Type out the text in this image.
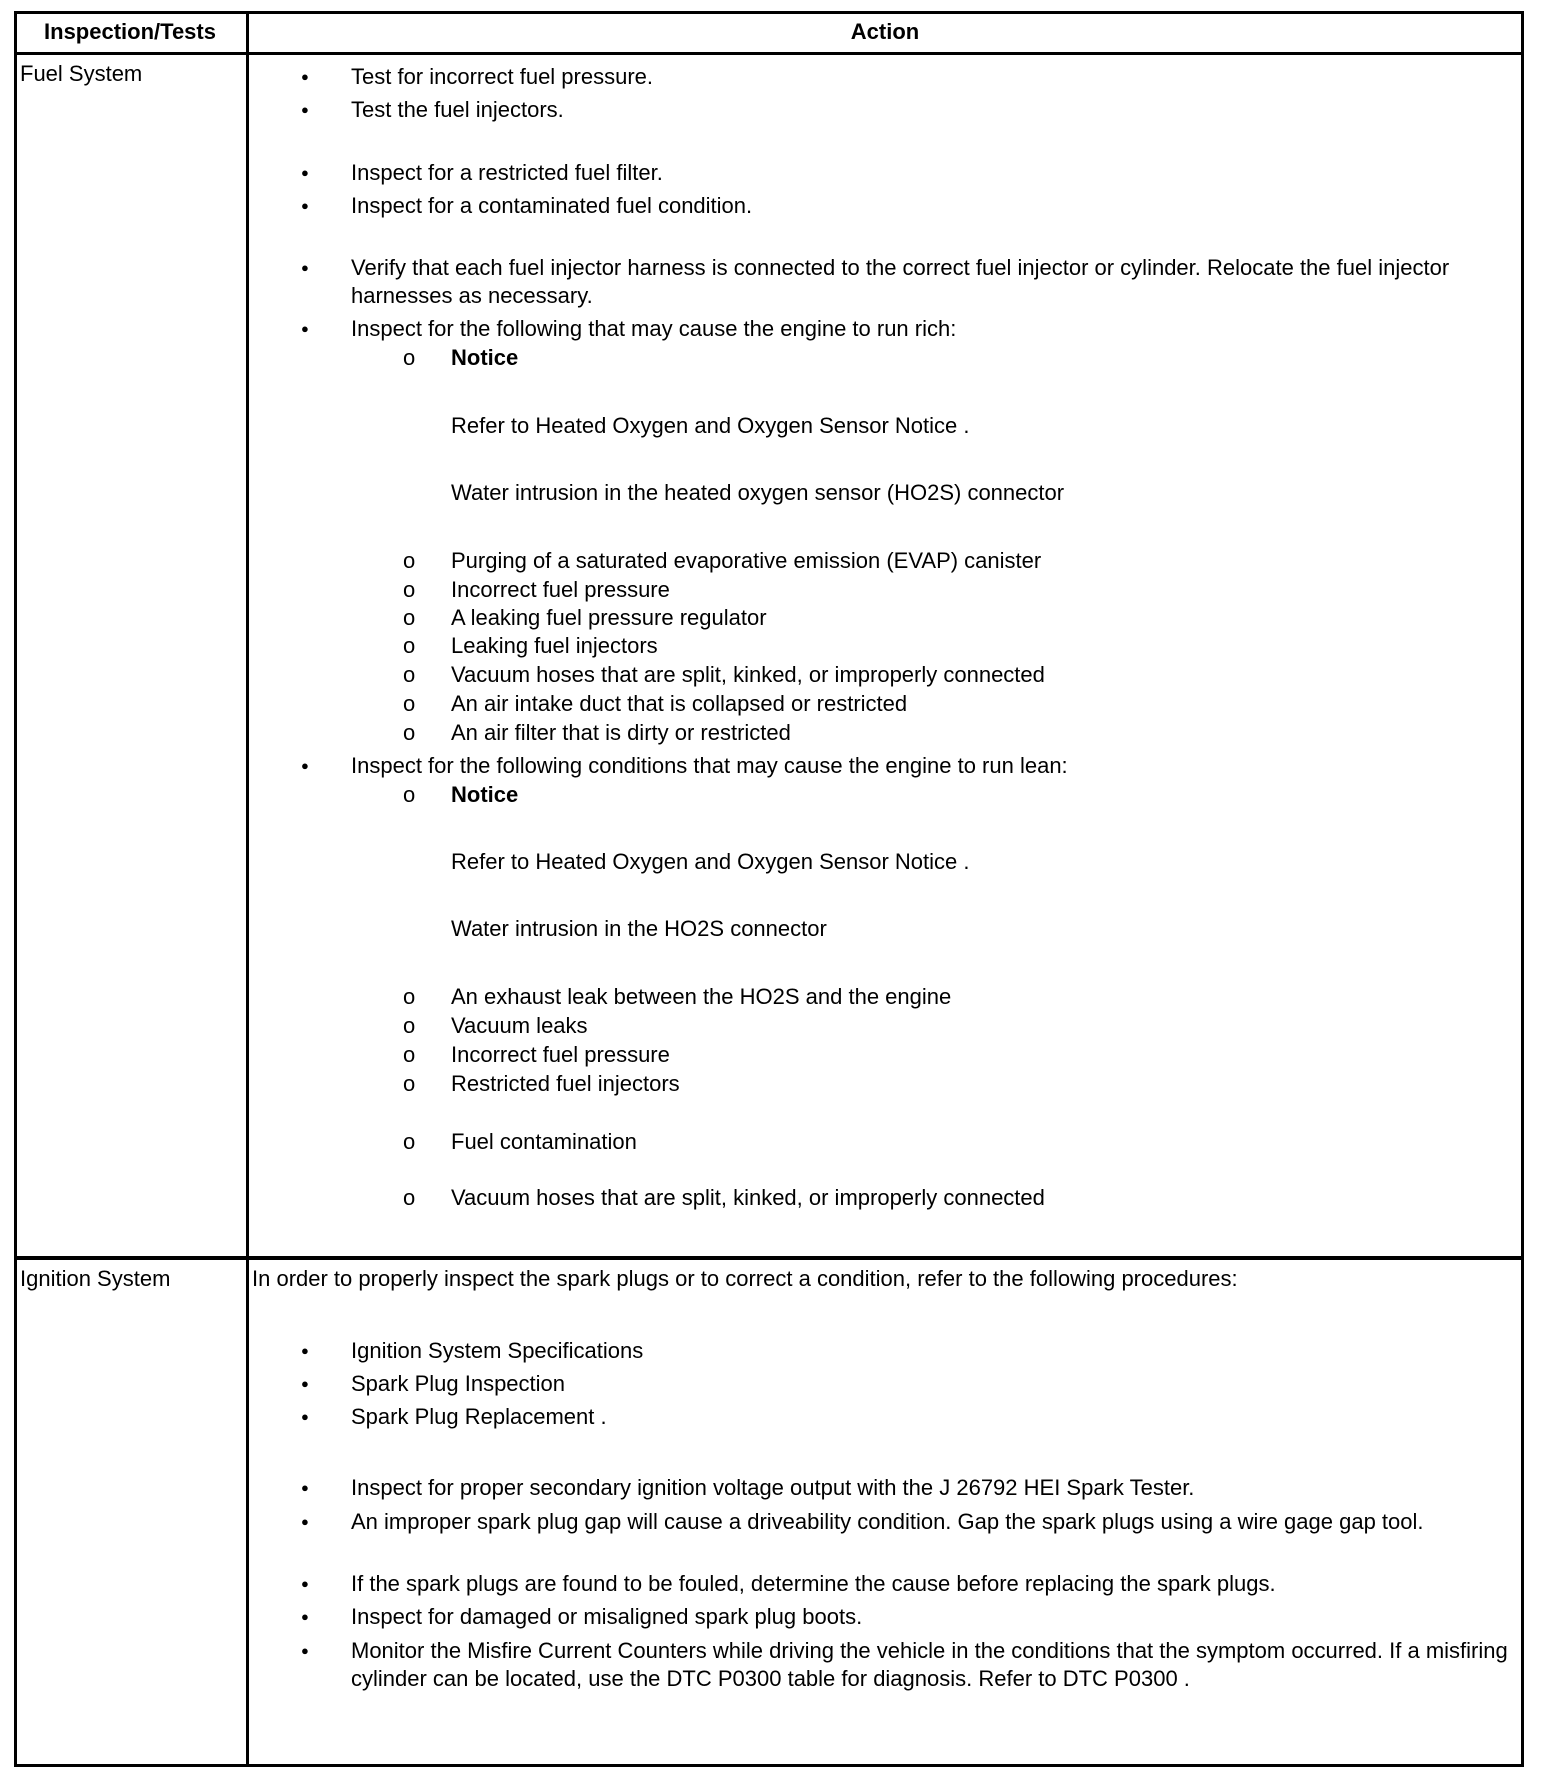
Inspection/Tests	Action
Fuel System	● Test for incorrect fuel pressure.
● Test the fuel injectors.
● Inspect for a restricted fuel filter.
● Inspect for a contaminated fuel condition.
● Verify that each fuel injector harness is connected to the correct fuel injector or cylinder. Relocate the fuel injector harnesses as necessary.
● Inspect for the following that may cause the engine to run rich:
o Notice
Refer to Heated Oxygen and Oxygen Sensor Notice .
Water intrusion in the heated oxygen sensor (HO2S) connector
o Purging of a saturated evaporative emission (EVAP) canister
o Incorrect fuel pressure
o A leaking fuel pressure regulator
o Leaking fuel injectors
o Vacuum hoses that are split, kinked, or improperly connected
o An air intake duct that is collapsed or restricted
o An air filter that is dirty or restricted
● Inspect for the following conditions that may cause the engine to run lean:
o Notice
Refer to Heated Oxygen and Oxygen Sensor Notice .
Water intrusion in the HO2S connector
o An exhaust leak between the HO2S and the engine
o Vacuum leaks
o Incorrect fuel pressure
o Restricted fuel injectors
o Fuel contamination
o Vacuum hoses that are split, kinked, or improperly connected
Ignition System	In order to properly inspect the spark plugs or to correct a condition, refer to the following procedures:
● Ignition System Specifications
● Spark Plug Inspection
● Spark Plug Replacement .
● Inspect for proper secondary ignition voltage output with the J 26792 HEI Spark Tester.
● An improper spark plug gap will cause a driveability condition. Gap the spark plugs using a wire gage gap tool.
● If the spark plugs are found to be fouled, determine the cause before replacing the spark plugs.
● Inspect for damaged or misaligned spark plug boots.
● Monitor the Misfire Current Counters while driving the vehicle in the conditions that the symptom occurred. If a misfiring cylinder can be located, use the DTC P0300 table for diagnosis. Refer to DTC P0300 .
